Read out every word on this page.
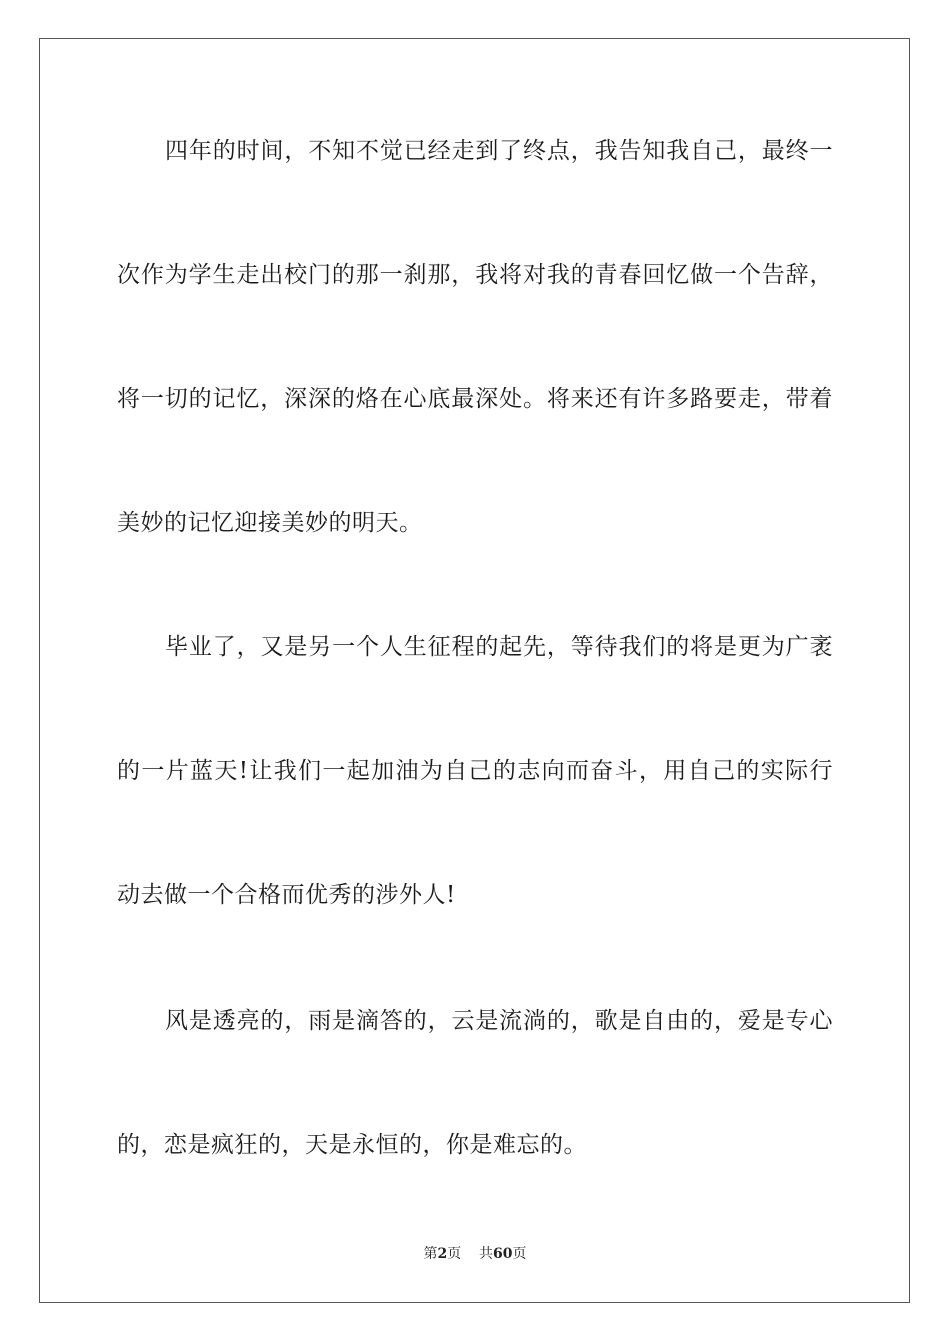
四年的时间，不知不觉已经走到了终点，我告知我自己，最终一
次作为学生走出校门的那一刹那，我将对我的青春回忆做一个告辞，
将一切的记忆，深深的烙在心底最深处。将来还有许多路要走，带着
美妙的记忆迎接美妙的明天。
毕业了，又是另一个人生征程的起先，等待我们的将是更为广袤
的一片蓝天!让我们一起加油为自己的志向而奋斗，用自己的实际行
动去做一个合格而优秀的涉外人!
风是透亮的，雨是滴答的，云是流淌的，歌是自由的，爱是专心
的，恋是疯狂的，天是永恒的，你是难忘的。
第2页 共60页
